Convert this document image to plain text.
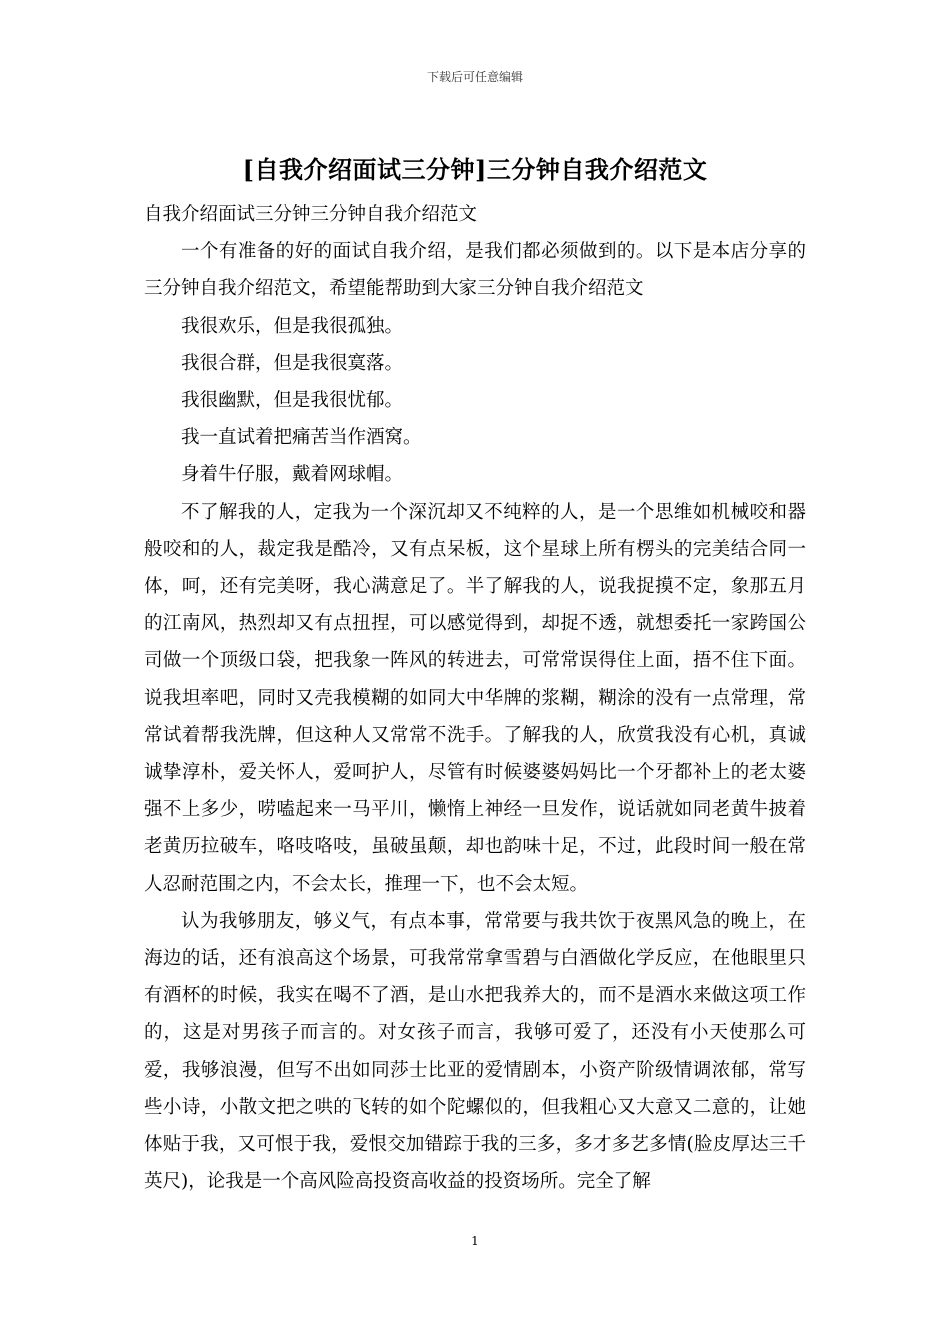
下载后可任意编辑
[自我介绍面试三分钟]三分钟自我介绍范文

自我介绍面试三分钟三分钟自我介绍范文

一个有准备的好的面试自我介绍，是我们都必须做到的。以下是本店分享的三分钟自我介绍范文，希望能帮助到大家三分钟自我介绍范文

我很欢乐，但是我很孤独。

我很合群，但是我很寞落。

我很幽默，但是我很忧郁。

我一直试着把痛苦当作酒窝。

身着牛仔服，戴着网球帽。

不了解我的人，定我为一个深沉却又不纯粹的人，是一个思维如机械咬和器般咬和的人，裁定我是酷冷，又有点呆板，这个星球上所有楞头的完美结合同一体，呵，还有完美呀，我心满意足了。半了解我的人，说我捉摸不定，象那五月的江南风，热烈却又有点扭捏，可以感觉得到，却捉不透，就想委托一家跨国公司做一个顶级口袋，把我象一阵风的转进去，可常常误得住上面，捂不住下面。说我坦率吧，同时又壳我模糊的如同大中华牌的浆糊，糊涂的没有一点常理，常常试着帮我洗牌，但这种人又常常不洗手。了解我的人，欣赏我没有心机，真诚诚挚淳朴，爱关怀人，爱呵护人，尽管有时候婆婆妈妈比一个牙都补上的老太婆强不上多少，唠嗑起来一马平川，懒惰上神经一旦发作，说话就如同老黄牛披着老黄历拉破车，咯吱咯吱，虽破虽颠，却也韵味十足，不过，此段时间一般在常人忍耐范围之内，不会太长，推理一下，也不会太短。

认为我够朋友，够义气，有点本事，常常要与我共饮于夜黑风急的晚上，在海边的话，还有浪高这个场景，可我常常拿雪碧与白酒做化学反应，在他眼里只有酒杯的时候，我实在喝不了酒，是山水把我养大的，而不是酒水来做这项工作的，这是对男孩子而言的。对女孩子而言，我够可爱了，还没有小天使那么可爱，我够浪漫，但写不出如同莎士比亚的爱情剧本，小资产阶级情调浓郁，常写些小诗，小散文把之哄的飞转的如个陀螺似的，但我粗心又大意又二意的，让她体贴于我，又可恨于我，爱恨交加错踪于我的三多，多才多艺多情(脸皮厚达三千英尺)，论我是一个高风险高投资高收益的投资场所。完全了解

1
